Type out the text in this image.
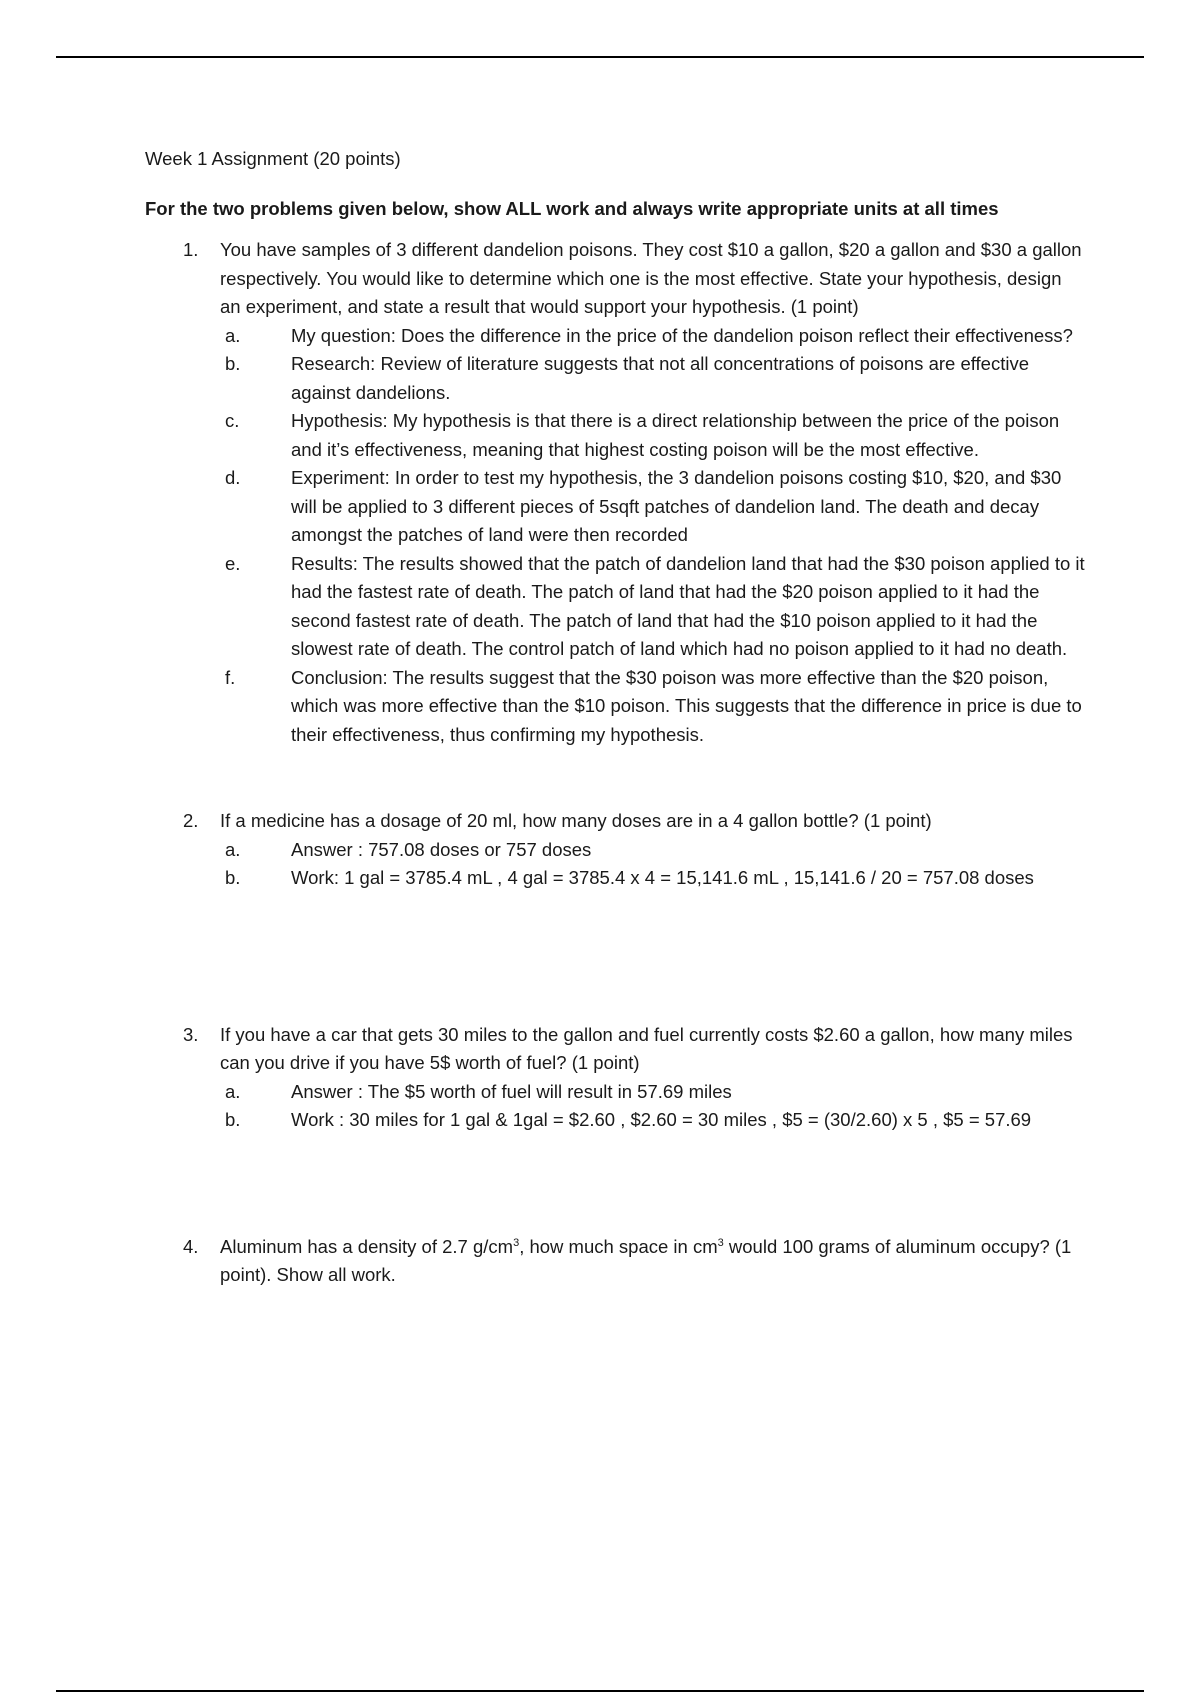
Week 1 Assignment (20 points)
For the two problems given below, show ALL work and always write appropriate units at all times
1. You have samples of 3 different dandelion poisons. They cost $10 a gallon, $20 a gallon and $30 a gallon respectively. You would like to determine which one is the most effective. State your hypothesis, design an experiment, and state a result that would support your hypothesis. (1 point)
a.	My question: Does the difference in the price of the dandelion poison reflect their effectiveness?
b.	Research: Review of literature suggests that not all concentrations of poisons are effective against dandelions.
c.	Hypothesis: My hypothesis is that there is a direct relationship between the price of the poison and it’s effectiveness, meaning that highest costing poison will be the most effective.
d.	Experiment: In order to test my hypothesis, the 3 dandelion poisons costing $10, $20, and $30 will be applied to 3 different pieces of 5sqft patches of dandelion land. The death and decay amongst the patches of land were then recorded
e.	Results: The results showed that the patch of dandelion land that had the $30 poison applied to it had the fastest rate of death. The patch of land that had the $20 poison applied to it had the second fastest rate of death. The patch of land that had the $10 poison applied to it had the slowest rate of death. The control patch of land which had no poison applied to it had no death.
f.	Conclusion: The results suggest that the $30 poison was more effective than the $20 poison, which was more effective than the $10 poison. This suggests that the difference in price is due to their effectiveness, thus confirming my hypothesis.
2. If a medicine has a dosage of 20 ml, how many doses are in a 4 gallon bottle? (1 point)
a.	Answer : 757.08 doses or 757 doses
b.	Work: 1 gal = 3785.4 mL , 4 gal = 3785.4 x 4 = 15,141.6 mL , 15,141.6 / 20 = 757.08 doses
3. If you have a car that gets 30 miles to the gallon and fuel currently costs $2.60 a gallon, how many miles can you drive if you have 5$ worth of fuel? (1 point)
a.	Answer : The $5 worth of fuel will result in 57.69 miles
b.	Work : 30 miles for 1 gal & 1gal = $2.60 , $2.60 = 30 miles , $5 = (30/2.60) x 5 , $5 = 57.69
4. Aluminum has a density of 2.7 $g/cm^3$, how much space in $cm^3$ would 100 grams of aluminum occupy? (1 point). Show all work.
